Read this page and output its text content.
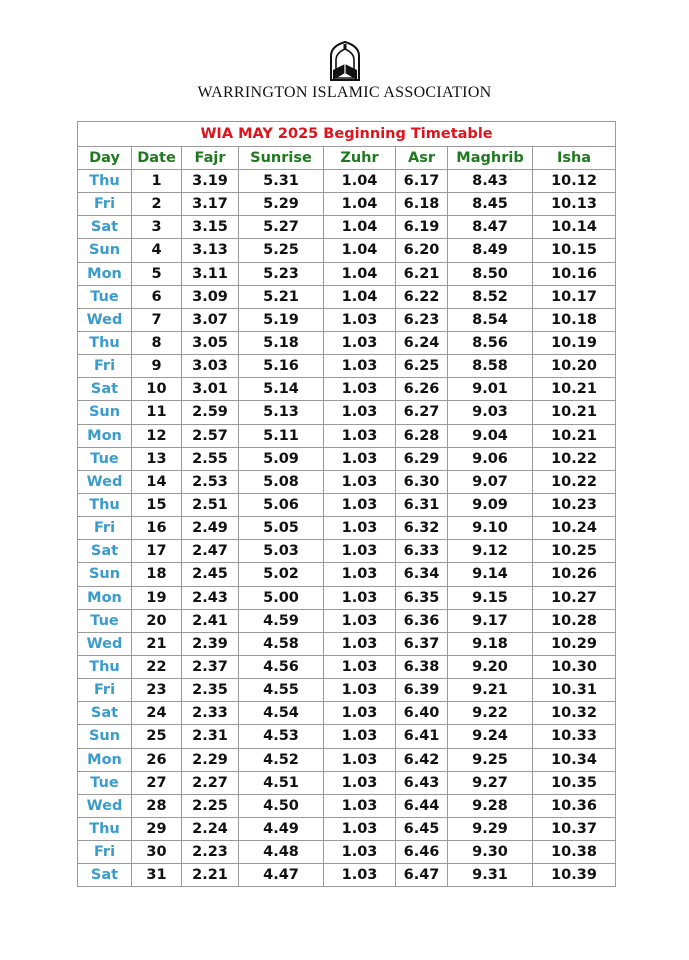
WARRINGTON ISLAMIC ASSOCIATION
WIA MAY 2025 Beginning Timetable							
Day	Date	Fajr	Sunrise	Zuhr	Asr	Maghrib	Isha
Thu	1	3.19	5.31	1.04	6.17	8.43	10.12
Fri	2	3.17	5.29	1.04	6.18	8.45	10.13
Sat	3	3.15	5.27	1.04	6.19	8.47	10.14
Sun	4	3.13	5.25	1.04	6.20	8.49	10.15
Mon	5	3.11	5.23	1.04	6.21	8.50	10.16
Tue	6	3.09	5.21	1.04	6.22	8.52	10.17
Wed	7	3.07	5.19	1.03	6.23	8.54	10.18
Thu	8	3.05	5.18	1.03	6.24	8.56	10.19
Fri	9	3.03	5.16	1.03	6.25	8.58	10.20
Sat	10	3.01	5.14	1.03	6.26	9.01	10.21
Sun	11	2.59	5.13	1.03	6.27	9.03	10.21
Mon	12	2.57	5.11	1.03	6.28	9.04	10.21
Tue	13	2.55	5.09	1.03	6.29	9.06	10.22
Wed	14	2.53	5.08	1.03	6.30	9.07	10.22
Thu	15	2.51	5.06	1.03	6.31	9.09	10.23
Fri	16	2.49	5.05	1.03	6.32	9.10	10.24
Sat	17	2.47	5.03	1.03	6.33	9.12	10.25
Sun	18	2.45	5.02	1.03	6.34	9.14	10.26
Mon	19	2.43	5.00	1.03	6.35	9.15	10.27
Tue	20	2.41	4.59	1.03	6.36	9.17	10.28
Wed	21	2.39	4.58	1.03	6.37	9.18	10.29
Thu	22	2.37	4.56	1.03	6.38	9.20	10.30
Fri	23	2.35	4.55	1.03	6.39	9.21	10.31
Sat	24	2.33	4.54	1.03	6.40	9.22	10.32
Sun	25	2.31	4.53	1.03	6.41	9.24	10.33
Mon	26	2.29	4.52	1.03	6.42	9.25	10.34
Tue	27	2.27	4.51	1.03	6.43	9.27	10.35
Wed	28	2.25	4.50	1.03	6.44	9.28	10.36
Thu	29	2.24	4.49	1.03	6.45	9.29	10.37
Fri	30	2.23	4.48	1.03	6.46	9.30	10.38
Sat	31	2.21	4.47	1.03	6.47	9.31	10.39
